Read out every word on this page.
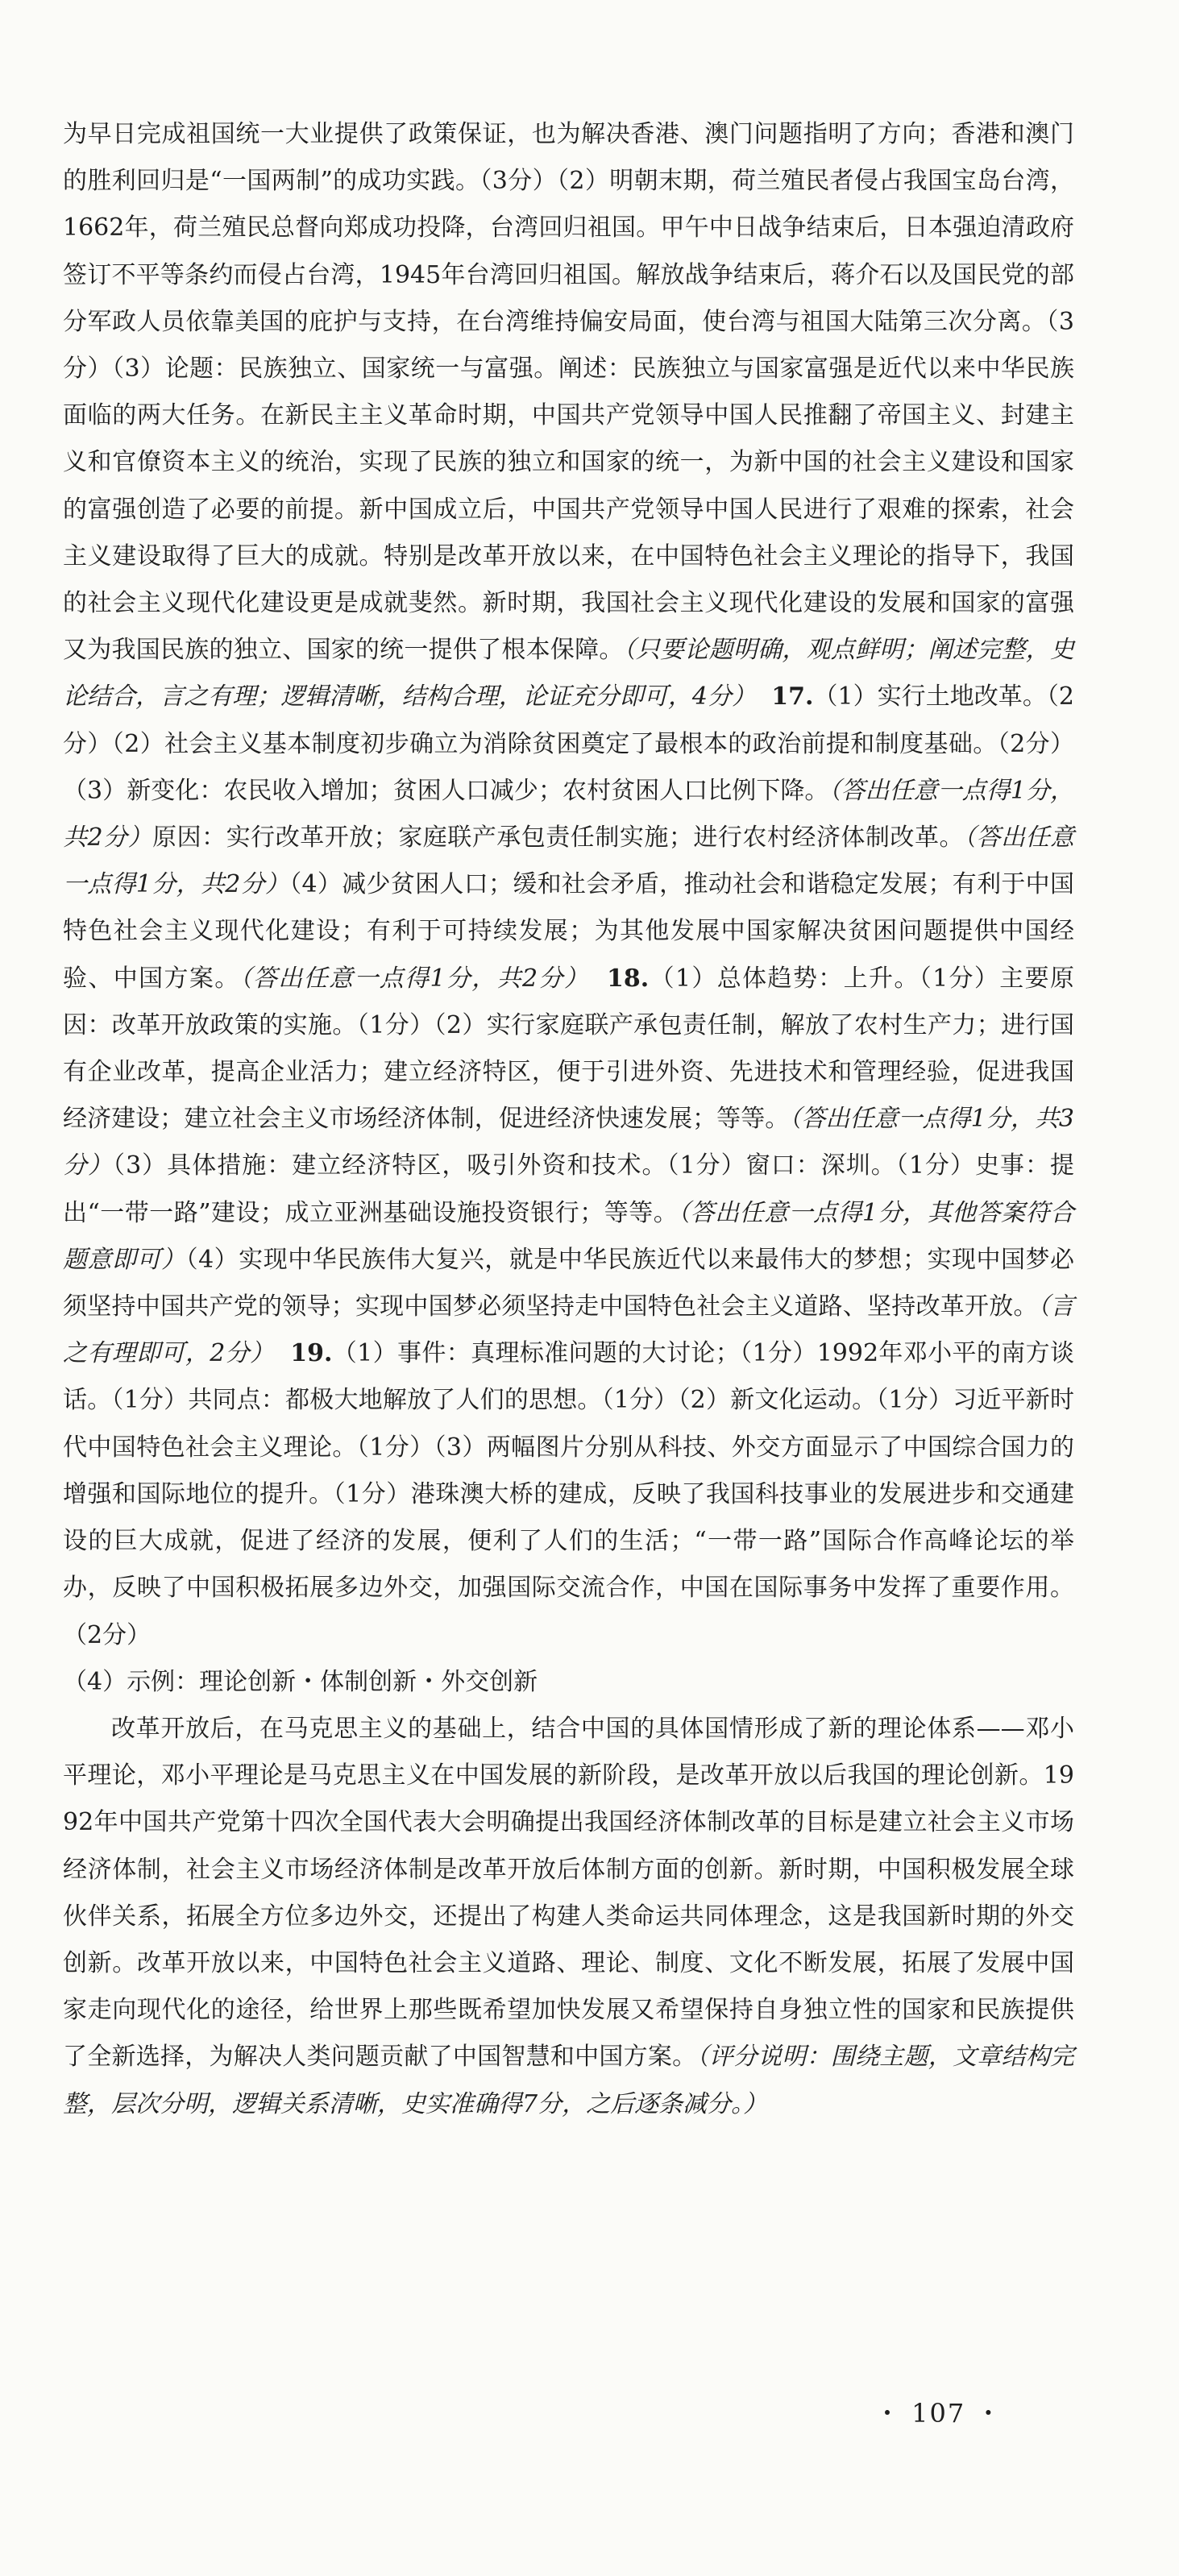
为早日完成祖国统一大业提供了政策保证，也为解决香港、澳门问题指明了方向；香港和澳门的胜利回归是“一国两制”的成功实践。（3分）（2）明朝末期，荷兰殖民者侵占我国宝岛台湾，1662年，荷兰殖民总督向郑成功投降，台湾回归祖国。甲午中日战争结束后，日本强迫清政府签订不平等条约而侵占台湾，1945年台湾回归祖国。解放战争结束后，蒋介石以及国民党的部分军政人员依靠美国的庇护与支持，在台湾维持偏安局面，使台湾与祖国大陆第三次分离。（3分）（3）论题：民族独立、国家统一与富强。阐述：民族独立与国家富强是近代以来中华民族面临的两大任务。在新民主主义革命时期，中国共产党领导中国人民推翻了帝国主义、封建主义和官僚资本主义的统治，实现了民族的独立和国家的统一，为新中国的社会主义建设和国家的富强创造了必要的前提。新中国成立后，中国共产党领导中国人民进行了艰难的探索，社会主义建设取得了巨大的成就。特别是改革开放以来，在中国特色社会主义理论的指导下，我国的社会主义现代化建设更是成就斐然。新时期，我国社会主义现代化建设的发展和国家的富强又为我国民族的独立、国家的统一提供了根本保障。（只要论题明确，观点鲜明；阐述完整，史论结合，言之有理；逻辑清晰，结构合理，论证充分即可，4分） 17.（1）实行土地改革。（2分）（2）社会主义基本制度初步确立为消除贫困奠定了最根本的政治前提和制度基础。（2分）（3）新变化：农民收入增加；贫困人口减少；农村贫困人口比例下降。（答出任意一点得1分，共2分）原因：实行改革开放；家庭联产承包责任制实施；进行农村经济体制改革。（答出任意一点得1分，共2分）（4）减少贫困人口；缓和社会矛盾，推动社会和谐稳定发展；有利于中国特色社会主义现代化建设；有利于可持续发展；为其他发展中国家解决贫困问题提供中国经验、中国方案。（答出任意一点得1分，共2分） 18.（1）总体趋势：上升。（1分）主要原因：改革开放政策的实施。（1分）（2）实行家庭联产承包责任制，解放了农村生产力；进行国有企业改革，提高企业活力；建立经济特区，便于引进外资、先进技术和管理经验，促进我国经济建设；建立社会主义市场经济体制，促进经济快速发展；等等。（答出任意一点得1分，共3分）（3）具体措施：建立经济特区，吸引外资和技术。（1分）窗口：深圳。（1分）史事：提出“一带一路”建设；成立亚洲基础设施投资银行；等等。（答出任意一点得1分，其他答案符合题意即可）（4）实现中华民族伟大复兴，就是中华民族近代以来最伟大的梦想；实现中国梦必须坚持中国共产党的领导；实现中国梦必须坚持走中国特色社会主义道路、坚持改革开放。（言之有理即可，2分） 19.（1）事件：真理标准问题的大讨论；（1分）1992年邓小平的南方谈话。（1分）共同点：都极大地解放了人们的思想。（1分）（2）新文化运动。（1分）习近平新时代中国特色社会主义理论。（1分）（3）两幅图片分别从科技、外交方面显示了中国综合国力的增强和国际地位的提升。（1分）港珠澳大桥的建成，反映了我国科技事业的发展进步和交通建设的巨大成就，促进了经济的发展，便利了人们的生活；“一带一路”国际合作高峰论坛的举办，反映了中国积极拓展多边外交，加强国际交流合作，中国在国际事务中发挥了重要作用。（2分）

（4）示例：理论创新・体制创新・外交创新

改革开放后，在马克思主义的基础上，结合中国的具体国情形成了新的理论体系——邓小平理论，邓小平理论是马克思主义在中国发展的新阶段，是改革开放以后我国的理论创新。1992年中国共产党第十四次全国代表大会明确提出我国经济体制改革的目标是建立社会主义市场经济体制，社会主义市场经济体制是改革开放后体制方面的创新。新时期，中国积极发展全球伙伴关系，拓展全方位多边外交，还提出了构建人类命运共同体理念，这是我国新时期的外交创新。改革开放以来，中国特色社会主义道路、理论、制度、文化不断发展，拓展了发展中国家走向现代化的途径，给世界上那些既希望加快发展又希望保持自身独立性的国家和民族提供了全新选择，为解决人类问题贡献了中国智慧和中国方案。（评分说明：围绕主题，文章结构完整，层次分明，逻辑关系清晰，史实准确得7分，之后逐条减分。）

・ 107 ・
